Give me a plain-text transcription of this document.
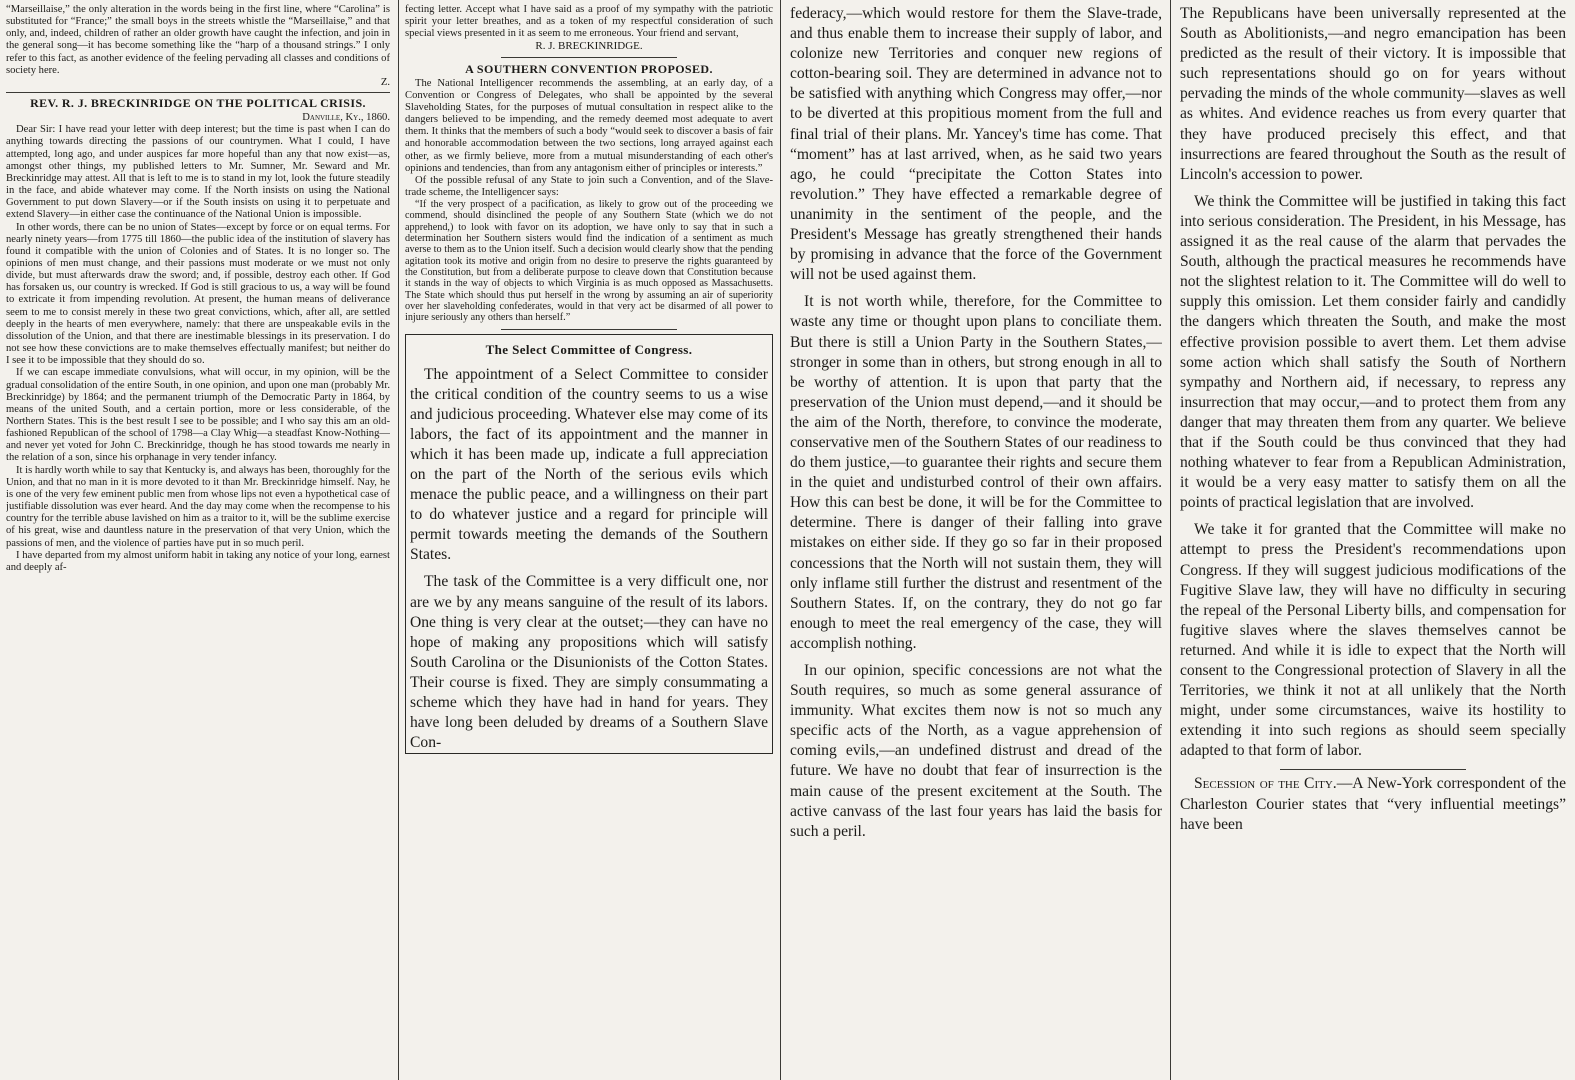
“Marseillaise,” the only alteration in the words being in the first line, where “Carolina” is substituted for “France;” the small boys in the streets whistle the “Marseillaise,” and that only, and, indeed, children of rather an older growth have caught the infection, and join in the general song—it has become something like the “harp of a thousand strings.” I only refer to this fact, as another evidence of the feeling pervading all classes and conditions of society here.

Z.
REV. R. J. BRECKINRIDGE ON THE POLITICAL CRISIS.
Danville, Ky., 1860.

Dear Sir: I have read your letter with deep interest; but the time is past when I can do anything towards directing the passions of our countrymen. What I could, I have attempted, long ago, and under auspices far more hopeful than any that now exist—as, amongst other things, my published letters to Mr. Sumner, Mr. Seward and Mr. Breckinridge may attest. All that is left to me is to stand in my lot, look the future steadily in the face, and abide whatever may come. If the North insists on using the National Government to put down Slavery—or if the South insists on using it to perpetuate and extend Slavery—in either case the continuance of the National Union is impossible.

In other words, there can be no union of States—except by force or on equal terms. For nearly ninety years—from 1775 till 1860—the public idea of the institution of slavery has found it compatible with the union of Colonies and of States. It is no longer so. The opinions of men must change, and their passions must moderate or we must not only divide, but must afterwards draw the sword; and, if possible, destroy each other. If God has forsaken us, our country is wrecked. If God is still gracious to us, a way will be found to extricate it from impending revolution. At present, the human means of deliverance seem to me to consist merely in these two great convictions, which, after all, are settled deeply in the hearts of men everywhere, namely: that there are unspeakable evils in the dissolution of the Union, and that there are inestimable blessings in its preservation. I do not see how these convictions are to make themselves effectually manifest; but neither do I see it to be impossible that they should do so.

If we can escape immediate convulsions, what will occur, in my opinion, will be the gradual consolidation of the entire South, in one opinion, and upon one man (probably Mr. Breckinridge) by 1864; and the permanent triumph of the Democratic Party in 1864, by means of the united South, and a certain portion, more or less considerable, of the Northern States. This is the best result I see to be possible; and I who say this am an old-fashioned Republican of the school of 1798—a Clay Whig—a steadfast Know-Nothing—and never yet voted for John C. Breckinridge, though he has stood towards me nearly in the relation of a son, since his orphanage in very tender infancy.

It is hardly worth while to say that Kentucky is, and always has been, thoroughly for the Union, and that no man in it is more devoted to it than Mr. Breckinridge himself. Nay, he is one of the very few eminent public men from whose lips not even a hypothetical case of justifiable dissolution was ever heard. And the day may come when the recompense to his country for the terrible abuse lavished on him as a traitor to it, will be the sublime exercise of his great, wise and dauntless nature in the preservation of that very Union, which the passions of men, and the violence of parties have put in so much peril.

I have departed from my almost uniform habit in taking any notice of your long, earnest and deeply af-

fecting letter. Accept what I have said as a proof of my sympathy with the patriotic spirit your letter breathes, and as a token of my respectful consideration of such special views presented in it as seem to me erroneous. Your friend and servant,

R. J. BRECKINRIDGE.
A SOUTHERN CONVENTION PROPOSED.

The National Intelligencer recommends the assembling, at an early day, of a Convention or Congress of Delegates, who shall be appointed by the several Slaveholding States, for the purposes of mutual consultation in respect alike to the dangers believed to be impending, and the remedy deemed most adequate to avert them. It thinks that the members of such a body “would seek to discover a basis of fair and honorable accommodation between the two sections, long arrayed against each other, as we firmly believe, more from a mutual misunderstanding of each other's opinions and tendencies, than from any antagonism either of principles or interests.”

Of the possible refusal of any State to join such a Convention, and of the Slave-trade scheme, the Intelligencer says:

“If the very prospect of a pacification, as likely to grow out of the proceeding we commend, should disinclined the people of any Southern State (which we do not apprehend,) to look with favor on its adoption, we have only to say that in such a determination her Southern sisters would find the indication of a sentiment as much averse to them as to the Union itself. Such a decision would clearly show that the pending agitation took its motive and origin from no desire to preserve the rights guaranteed by the Constitution, but from a deliberate purpose to cleave down that Constitution because it stands in the way of objects to which Virginia is as much opposed as Massachusetts. The State which should thus put herself in the wrong by assuming an air of superiority over her slaveholding confederates, would in that very act be disarmed of all power to injure seriously any others than herself.”

The Select Committee of Congress.

The appointment of a Select Committee to consider the critical condition of the country seems to us a wise and judicious proceeding. Whatever else may come of its labors, the fact of its appointment and the manner in which it has been made up, indicate a full appreciation on the part of the North of the serious evils which menace the public peace, and a willingness on their part to do whatever justice and a regard for principle will permit towards meeting the demands of the Southern States.

The task of the Committee is a very difficult one, nor are we by any means sanguine of the result of its labors. One thing is very clear at the outset;—they can have no hope of making any propositions which will satisfy South Carolina or the Disunionists of the Cotton States. Their course is fixed. They are simply consummating a scheme which they have had in hand for years. They have long been deluded by dreams of a Southern Slave Con-

federacy,—which would restore for them the Slave-trade, and thus enable them to increase their supply of labor, and colonize new Territories and conquer new regions of cotton-bearing soil. They are determined in advance not to be satisfied with anything which Congress may offer,—nor to be diverted at this propitious moment from the full and final trial of their plans. Mr. Yancey's time has come. That “moment” has at last arrived, when, as he said two years ago, he could “precipitate the Cotton States into revolution.” They have effected a remarkable degree of unanimity in the sentiment of the people, and the President's Message has greatly strengthened their hands by promising in advance that the force of the Government will not be used against them.

It is not worth while, therefore, for the Committee to waste any time or thought upon plans to conciliate them. But there is still a Union Party in the Southern States,—stronger in some than in others, but strong enough in all to be worthy of attention. It is upon that party that the preservation of the Union must depend,—and it should be the aim of the North, therefore, to convince the moderate, conservative men of the Southern States of our readiness to do them justice,—to guarantee their rights and secure them in the quiet and undisturbed control of their own affairs. How this can best be done, it will be for the Committee to determine. There is danger of their falling into grave mistakes on either side. If they go so far in their proposed concessions that the North will not sustain them, they will only inflame still further the distrust and resentment of the Southern States. If, on the contrary, they do not go far enough to meet the real emergency of the case, they will accomplish nothing.

In our opinion, specific concessions are not what the South requires, so much as some general assurance of immunity. What excites them now is not so much any specific acts of the North, as a vague apprehension of coming evils,—an undefined distrust and dread of the future. We have no doubt that fear of insurrection is the main cause of the present excitement at the South. The active canvass of the last four years has laid the basis for such a peril.

The Republicans have been universally represented at the South as Abolitionists,—and negro emancipation has been predicted as the result of their victory. It is impossible that such representations should go on for years without pervading the minds of the whole community—slaves as well as whites. And evidence reaches us from every quarter that they have produced precisely this effect, and that insurrections are feared throughout the South as the result of Lincoln's accession to power.

We think the Committee will be justified in taking this fact into serious consideration. The President, in his Message, has assigned it as the real cause of the alarm that pervades the South, although the practical measures he recommends have not the slightest relation to it. The Committee will do well to supply this omission. Let them consider fairly and candidly the dangers which threaten the South, and make the most effective provision possible to avert them. Let them advise some action which shall satisfy the South of Northern sympathy and Northern aid, if necessary, to repress any insurrection that may occur,—and to protect them from any danger that may threaten them from any quarter. We believe that if the South could be thus convinced that they had nothing whatever to fear from a Republican Administration, it would be a very easy matter to satisfy them on all the points of practical legislation that are involved.

We take it for granted that the Committee will make no attempt to press the President's recommendations upon Congress. If they will suggest judicious modifications of the Fugitive Slave law, they will have no difficulty in securing the repeal of the Personal Liberty bills, and compensation for fugitive slaves where the slaves themselves cannot be returned. And while it is idle to expect that the North will consent to the Congressional protection of Slavery in all the Territories, we think it not at all unlikely that the North might, under some circumstances, waive its hostility to extending it into such regions as should seem specially adapted to that form of labor.

Secession of the City.—A New-York correspondent of the Charleston Courier states that “very influential meetings” have been
